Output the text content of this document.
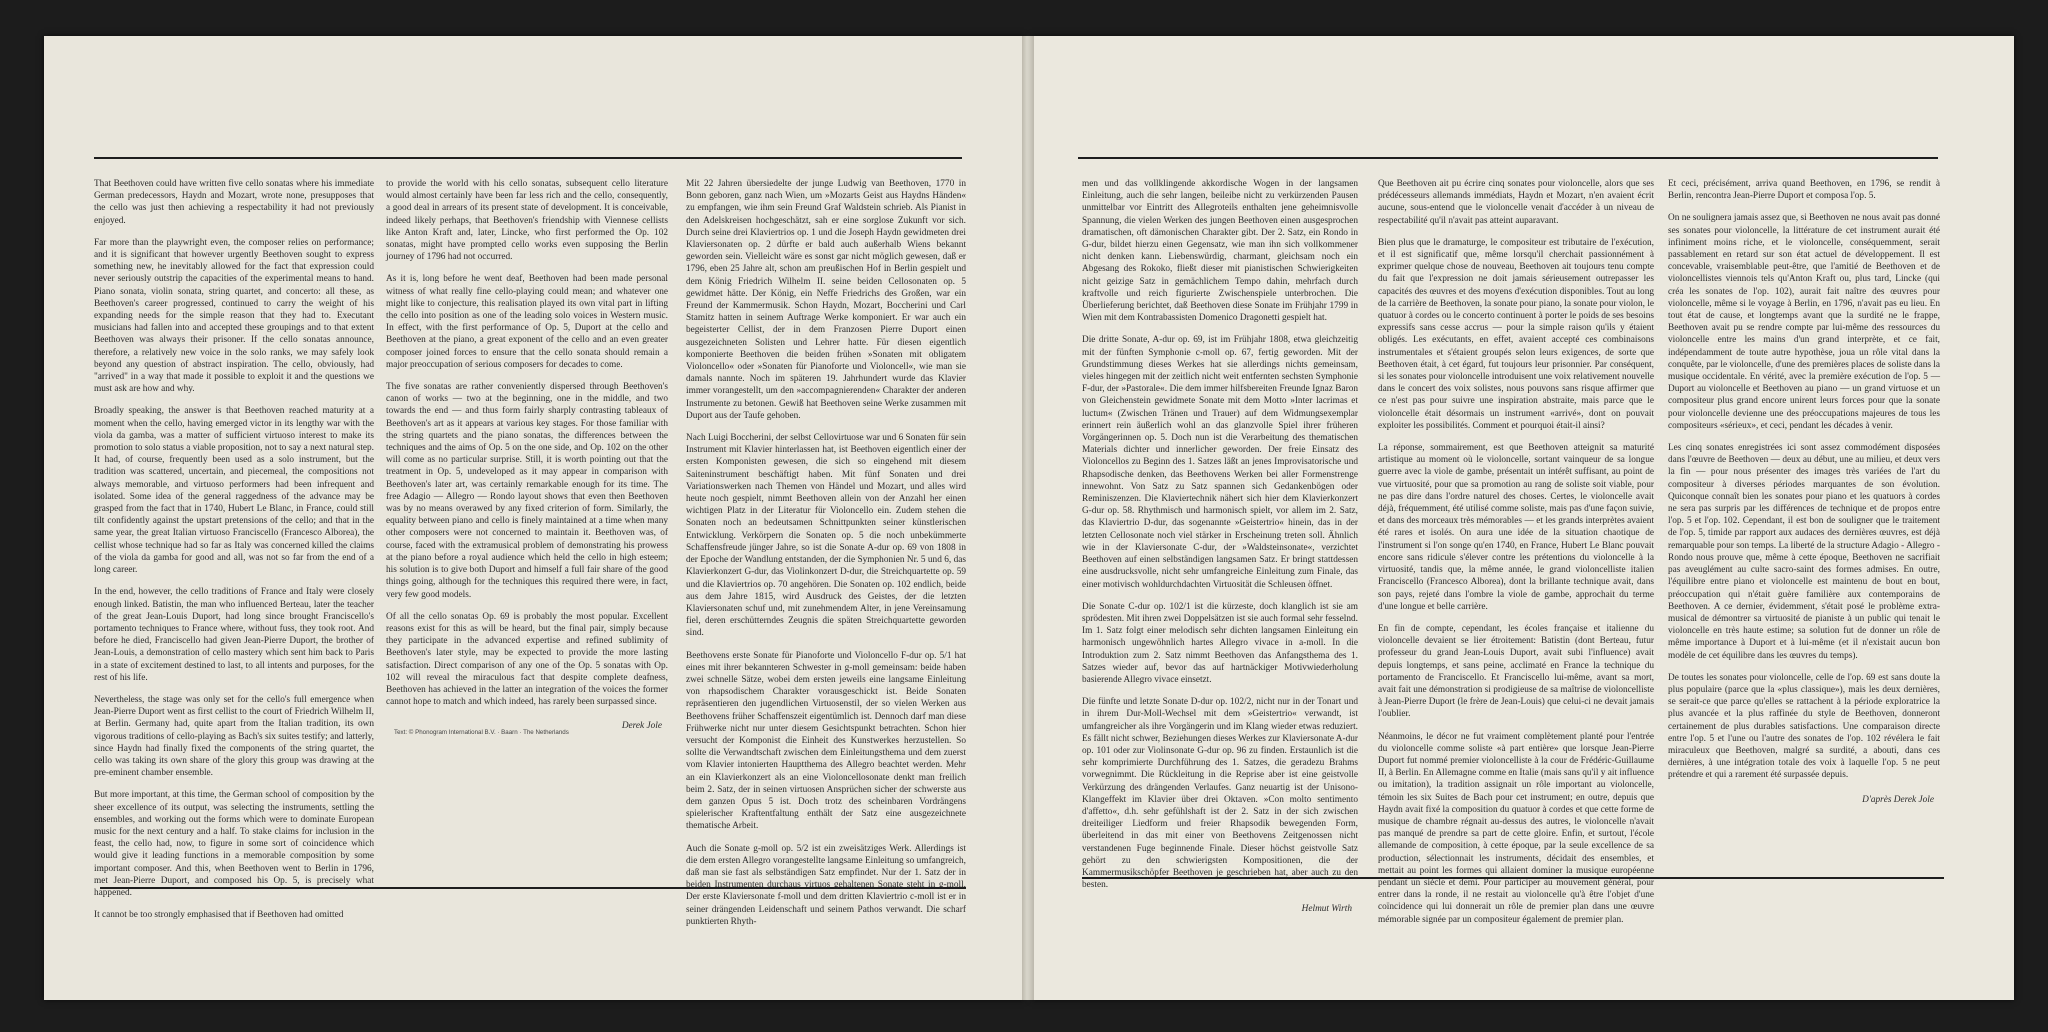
That Beethoven could have written five cello sonatas where his immediate German predecessors, Haydn and Mozart, wrote none, presupposes that the cello was just then achieving a respectability it had not previously enjoyed.

Far more than the playwright even, the composer relies on performance; and it is significant that however urgently Beethoven sought to express something new, he inevitably allowed for the fact that expression could never seriously outstrip the capacities of the experimental means to hand. Piano sonata, violin sonata, string quartet, and concerto: all these, as Beethoven's career progressed, continued to carry the weight of his expanding needs for the simple reason that they had to. Executant musicians had fallen into and accepted these groupings and to that extent Beethoven was always their prisoner. If the cello sonatas announce, therefore, a relatively new voice in the solo ranks, we may safely look beyond any question of abstract inspiration. The cello, obviously, had "arrived" in a way that made it possible to exploit it and the questions we must ask are how and why.

Broadly speaking, the answer is that Beethoven reached maturity at a moment when the cello, having emerged victor in its lengthy war with the viola da gamba, was a matter of sufficient virtuoso interest to make its promotion to solo status a viable proposition, not to say a next natural step. It had, of course, frequently been used as a solo instrument, but the tradition was scattered, uncertain, and piecemeal, the compositions not always memorable, and virtuoso performers had been infrequent and isolated. Some idea of the general raggedness of the advance may be grasped from the fact that in 1740, Hubert Le Blanc, in France, could still tilt confidently against the upstart pretensions of the cello; and that in the same year, the great Italian virtuoso Franciscello (Francesco Alborea), the cellist whose technique had so far as Italy was concerned killed the claims of the viola da gamba for good and all, was not so far from the end of a long career.

In the end, however, the cello traditions of France and Italy were closely enough linked. Batistin, the man who influenced Berteau, later the teacher of the great Jean-Louis Duport, had long since brought Franciscello's portamento techniques to France where, without fuss, they took root. And before he died, Franciscello had given Jean-Pierre Duport, the brother of Jean-Louis, a demonstration of cello mastery which sent him back to Paris in a state of excitement destined to last, to all intents and purposes, for the rest of his life.

Nevertheless, the stage was only set for the cello's full emergence when Jean-Pierre Duport went as first cellist to the court of Friedrich Wilhelm II, at Berlin. Germany had, quite apart from the Italian tradition, its own vigorous traditions of cello-playing as Bach's six suites testify; and latterly, since Haydn had finally fixed the components of the string quartet, the cello was taking its own share of the glory this group was drawing at the pre-eminent chamber ensemble.

But more important, at this time, the German school of composition by the sheer excellence of its output, was selecting the instruments, settling the ensembles, and working out the forms which were to dominate European music for the next century and a half. To stake claims for inclusion in the feast, the cello had, now, to figure in some sort of coincidence which would give it leading functions in a memorable composition by some important composer. And this, when Beethoven went to Berlin in 1796, met Jean-Pierre Duport, and composed his Op. 5, is precisely what happened.

It cannot be too strongly emphasised that if Beethoven had omitted

to provide the world with his cello sonatas, subsequent cello literature would almost certainly have been far less rich and the cello, consequently, a good deal in arrears of its present state of development. It is conceivable, indeed likely perhaps, that Beethoven's friendship with Viennese cellists like Anton Kraft and, later, Lincke, who first performed the Op. 102 sonatas, might have prompted cello works even supposing the Berlin journey of 1796 had not occurred.

As it is, long before he went deaf, Beethoven had been made personal witness of what really fine cello-playing could mean; and whatever one might like to conjecture, this realisation played its own vital part in lifting the cello into position as one of the leading solo voices in Western music. In effect, with the first performance of Op. 5, Duport at the cello and Beethoven at the piano, a great exponent of the cello and an even greater composer joined forces to ensure that the cello sonata should remain a major preoccupation of serious composers for decades to come.

The five sonatas are rather conveniently dispersed through Beethoven's canon of works — two at the beginning, one in the middle, and two towards the end — and thus form fairly sharply contrasting tableaux of Beethoven's art as it appears at various key stages. For those familiar with the string quartets and the piano sonatas, the differences between the techniques and the aims of Op. 5 on the one side, and Op. 102 on the other will come as no particular surprise. Still, it is worth pointing out that the treatment in Op. 5, undeveloped as it may appear in comparison with Beethoven's later art, was certainly remarkable enough for its time. The free Adagio — Allegro — Rondo layout shows that even then Beethoven was by no means overawed by any fixed criterion of form. Similarly, the equality between piano and cello is finely maintained at a time when many other composers were not concerned to maintain it. Beethoven was, of course, faced with the extramusical problem of demonstrating his prowess at the piano before a royal audience which held the cello in high esteem; his solution is to give both Duport and himself a full fair share of the good things going, although for the techniques this required there were, in fact, very few good models.

Of all the cello sonatas Op. 69 is probably the most popular. Excellent reasons exist for this as will be heard, but the final pair, simply because they participate in the advanced expertise and refined sublimity of Beethoven's later style, may be expected to provide the more lasting satisfaction. Direct comparison of any one of the Op. 5 sonatas with Op. 102 will reveal the miraculous fact that despite complete deafness, Beethoven has achieved in the latter an integration of the voices the former cannot hope to match and which indeed, has rarely been surpassed since.

Derek Jole
Text: © Phonogram International B.V. · Baarn · The Netherlands

Mit 22 Jahren übersiedelte der junge Ludwig van Beethoven, 1770 in Bonn geboren, ganz nach Wien, um »Mozarts Geist aus Haydns Händen« zu empfangen, wie ihm sein Freund Graf Waldstein schrieb. Als Pianist in den Adelskreisen hochgeschätzt, sah er eine sorglose Zukunft vor sich. Durch seine drei Klaviertrios op. 1 und die Joseph Haydn gewidmeten drei Klaviersonaten op. 2 dürfte er bald auch außerhalb Wiens bekannt geworden sein. Vielleicht wäre es sonst gar nicht möglich gewesen, daß er 1796, eben 25 Jahre alt, schon am preußischen Hof in Berlin gespielt und dem König Friedrich Wilhelm II. seine beiden Cellosonaten op. 5 gewidmet hätte. Der König, ein Neffe Friedrichs des Großen, war ein Freund der Kammermusik. Schon Haydn, Mozart, Boccherini und Carl Stamitz hatten in seinem Auftrage Werke komponiert. Er war auch ein begeisterter Cellist, der in dem Franzosen Pierre Duport einen ausgezeichneten Solisten und Lehrer hatte. Für diesen eigentlich komponierte Beethoven die beiden frühen »Sonaten mit obligatem Violoncello« oder »Sonaten für Pianoforte und Violoncell«, wie man sie damals nannte. Noch im späteren 19. Jahrhundert wurde das Klavier immer vorangestellt, um den »accompagnierenden« Charakter der anderen Instrumente zu betonen. Gewiß hat Beethoven seine Werke zusammen mit Duport aus der Taufe gehoben.

Nach Luigi Boccherini, der selbst Cellovirtuose war und 6 Sonaten für sein Instrument mit Klavier hinterlassen hat, ist Beethoven eigentlich einer der ersten Komponisten gewesen, die sich so eingehend mit diesem Saiteninstrument beschäftigt haben. Mit fünf Sonaten und drei Variationswerken nach Themen von Händel und Mozart, und alles wird heute noch gespielt, nimmt Beethoven allein von der Anzahl her einen wichtigen Platz in der Literatur für Violoncello ein. Zudem stehen die Sonaten noch an bedeutsamen Schnittpunkten seiner künstlerischen Entwicklung. Verkörpern die Sonaten op. 5 die noch unbekümmerte Schaffensfreude jünger Jahre, so ist die Sonate A-dur op. 69 von 1808 in der Epoche der Wandlung entstanden, der die Symphonien Nr. 5 und 6, das Klavierkonzert G-dur, das Violinkonzert D-dur, die Streichquartette op. 59 und die Klaviertrios op. 70 angehören. Die Sonaten op. 102 endlich, beide aus dem Jahre 1815, wird Ausdruck des Geistes, der die letzten Klaviersonaten schuf und, mit zunehmendem Alter, in jene Vereinsamung fiel, deren erschütterndes Zeugnis die späten Streichquartette geworden sind.

Beethovens erste Sonate für Pianoforte und Violoncello F-dur op. 5/1 hat eines mit ihrer bekannteren Schwester in g-moll gemeinsam: beide haben zwei schnelle Sätze, wobei dem ersten jeweils eine langsame Einleitung von rhapsodischem Charakter vorausgeschickt ist. Beide Sonaten repräsentieren den jugendlichen Virtuosenstil, der so vielen Werken aus Beethovens früher Schaffenszeit eigentümlich ist. Dennoch darf man diese Frühwerke nicht nur unter diesem Gesichtspunkt betrachten. Schon hier versucht der Komponist die Einheit des Kunstwerkes herzustellen. So sollte die Verwandtschaft zwischen dem Einleitungsthema und dem zuerst vom Klavier intonierten Hauptthema des Allegro beachtet werden. Mehr an ein Klavierkonzert als an eine Violoncellosonate denkt man freilich beim 2. Satz, der in seinen virtuosen Ansprüchen sicher der schwerste aus dem ganzen Opus 5 ist. Doch trotz des scheinbaren Vordrängens spielerischer Kraftentfaltung enthält der Satz eine ausgezeichnete thematische Arbeit.

Auch die Sonate g-moll op. 5/2 ist ein zweisätziges Werk. Allerdings ist die dem ersten Allegro vorangestellte langsame Einleitung so umfangreich, daß man sie fast als selbständigen Satz empfindet. Nur der 1. Satz der in beiden Instrumenten durchaus virtuos gehaltenen Sonate steht in g-moll. Der erste Klaviersonate f-moll und dem dritten Klaviertrio c-moll ist er in seiner drängenden Leidenschaft und seinem Pathos verwandt. Die scharf punktierten Rhyth-

men und das vollklingende akkordische Wogen in der langsamen Einleitung, auch die sehr langen, beileibe nicht zu verkürzenden Pausen unmittelbar vor Eintritt des Allegroteils enthalten jene geheimnisvolle Spannung, die vielen Werken des jungen Beethoven einen ausgesprochen dramatischen, oft dämonischen Charakter gibt. Der 2. Satz, ein Rondo in G-dur, bildet hierzu einen Gegensatz, wie man ihn sich vollkommener nicht denken kann. Liebenswürdig, charmant, gleichsam noch ein Abgesang des Rokoko, fließt dieser mit pianistischen Schwierigkeiten nicht geizige Satz in gemächlichem Tempo dahin, mehrfach durch kraftvolle und reich figurierte Zwischenspiele unterbrochen. Die Überlieferung berichtet, daß Beethoven diese Sonate im Frühjahr 1799 in Wien mit dem Kontrabassisten Domenico Dragonetti gespielt hat.

Die dritte Sonate, A-dur op. 69, ist im Frühjahr 1808, etwa gleichzeitig mit der fünften Symphonie c-moll op. 67, fertig geworden. Mit der Grundstimmung dieses Werkes hat sie allerdings nichts gemeinsam, vieles hingegen mit der zeitlich nicht weit entfernten sechsten Symphonie F-dur, der »Pastorale«. Die dem immer hilfsbereiten Freunde Ignaz Baron von Gleichenstein gewidmete Sonate mit dem Motto »Inter lacrimas et luctum« (Zwischen Tränen und Trauer) auf dem Widmungsexemplar erinnert rein äußerlich wohl an das glanzvolle Spiel ihrer früheren Vorgängerinnen op. 5. Doch nun ist die Verarbeitung des thematischen Materials dichter und innerlicher geworden. Der freie Einsatz des Violoncellos zu Beginn des 1. Satzes läßt an jenes Improvisatorische und Rhapsodische denken, das Beethovens Werken bei aller Formenstrenge innewohnt. Von Satz zu Satz spannen sich Gedankenbögen oder Reminiszenzen. Die Klaviertechnik nähert sich hier dem Klavierkonzert G-dur op. 58. Rhythmisch und harmonisch spielt, vor allem im 2. Satz, das Klaviertrio D-dur, das sogenannte »Geistertrio« hinein, das in der letzten Cellosonate noch viel stärker in Erscheinung treten soll. Ähnlich wie in der Klaviersonate C-dur, der »Waldsteinsonate«, verzichtet Beethoven auf einen selbständigen langsamen Satz. Er bringt stattdessen eine ausdrucksvolle, nicht sehr umfangreiche Einleitung zum Finale, das einer motivisch wohldurchdachten Virtuosität die Schleusen öffnet.

Die Sonate C-dur op. 102/1 ist die kürzeste, doch klanglich ist sie am sprödesten. Mit ihren zwei Doppelsätzen ist sie auch formal sehr fesselnd. Im 1. Satz folgt einer melodisch sehr dichten langsamen Einleitung ein harmonisch ungewöhnlich hartes Allegro vivace in a-moll. In die Introduktion zum 2. Satz nimmt Beethoven das Anfangsthema des 1. Satzes wieder auf, bevor das auf hartnäckiger Motivwiederholung basierende Allegro vivace einsetzt.

Die fünfte und letzte Sonate D-dur op. 102/2, nicht nur in der Tonart und in ihrem Dur-Moll-Wechsel mit dem »Geistertrio« verwandt, ist umfangreicher als ihre Vorgängerin und im Klang wieder etwas reduziert. Es fällt nicht schwer, Beziehungen dieses Werkes zur Klaviersonate A-dur op. 101 oder zur Violinsonate G-dur op. 96 zu finden. Erstaunlich ist die sehr komprimierte Durchführung des 1. Satzes, die geradezu Brahms vorwegnimmt. Die Rückleitung in die Reprise aber ist eine geistvolle Verkürzung des drängenden Verlaufes. Ganz neuartig ist der Unisono-Klangeffekt im Klavier über drei Oktaven. »Con molto sentimento d'affetto«, d.h. sehr gefühlshaft ist der 2. Satz in der sich zwischen dreiteiliger Liedform und freier Rhapsodik bewegenden Form, überleitend in das mit einer von Beethovens Zeitgenossen nicht verstandenen Fuge beginnende Finale. Dieser höchst geistvolle Satz gehört zu den schwierigsten Kompositionen, die der Kammermusikschöpfer Beethoven je geschrieben hat, aber auch zu den besten.

Helmut Wirth

Que Beethoven ait pu écrire cinq sonates pour violoncelle, alors que ses prédécesseurs allemands immédiats, Haydn et Mozart, n'en avaient écrit aucune, sous-entend que le violoncelle venait d'accéder à un niveau de respectabilité qu'il n'avait pas atteint auparavant.

Bien plus que le dramaturge, le compositeur est tributaire de l'exécution, et il est significatif que, même lorsqu'il cherchait passionnément à exprimer quelque chose de nouveau, Beethoven ait toujours tenu compte du fait que l'expression ne doit jamais sérieusement outrepasser les capacités des œuvres et des moyens d'exécution disponibles. Tout au long de la carrière de Beethoven, la sonate pour piano, la sonate pour violon, le quatuor à cordes ou le concerto continuent à porter le poids de ses besoins expressifs sans cesse accrus — pour la simple raison qu'ils y étaient obligés. Les exécutants, en effet, avaient accepté ces combinaisons instrumentales et s'étaient groupés selon leurs exigences, de sorte que Beethoven était, à cet égard, fut toujours leur prisonnier. Par conséquent, si les sonates pour violoncelle introduisent une voix relativement nouvelle dans le concert des voix solistes, nous pouvons sans risque affirmer que ce n'est pas pour suivre une inspiration abstraite, mais parce que le violoncelle était désormais un instrument «arrivé», dont on pouvait exploiter les possibilités. Comment et pourquoi était-il ainsi?

La réponse, sommairement, est que Beethoven atteignit sa maturité artistique au moment où le violoncelle, sortant vainqueur de sa longue guerre avec la viole de gambe, présentait un intérêt suffisant, au point de vue virtuosité, pour que sa promotion au rang de soliste soit viable, pour ne pas dire dans l'ordre naturel des choses. Certes, le violoncelle avait déjà, fréquemment, été utilisé comme soliste, mais pas d'une façon suivie, et dans des morceaux très mémorables — et les grands interprètes avaient été rares et isolés. On aura une idée de la situation chaotique de l'instrument si l'on songe qu'en 1740, en France, Hubert Le Blanc pouvait encore sans ridicule s'élever contre les prétentions du violoncelle à la virtuosité, tandis que, la même année, le grand violoncelliste italien Franciscello (Francesco Alborea), dont la brillante technique avait, dans son pays, rejeté dans l'ombre la viole de gambe, approchait du terme d'une longue et belle carrière.

En fin de compte, cependant, les écoles française et italienne du violoncelle devaient se lier étroitement: Batistin (dont Berteau, futur professeur du grand Jean-Louis Duport, avait subi l'influence) avait depuis longtemps, et sans peine, acclimaté en France la technique du portamento de Franciscello. Et Franciscello lui-même, avant sa mort, avait fait une démonstration si prodigieuse de sa maîtrise de violoncelliste à Jean-Pierre Duport (le frère de Jean-Louis) que celui-ci ne devait jamais l'oublier.

Néanmoins, le décor ne fut vraiment complètement planté pour l'entrée du violoncelle comme soliste «à part entière» que lorsque Jean-Pierre Duport fut nommé premier violoncelliste à la cour de Frédéric-Guillaume II, à Berlin. En Allemagne comme en Italie (mais sans qu'il y ait influence ou imitation), la tradition assignait un rôle important au violoncelle, témoin les six Suites de Bach pour cet instrument; en outre, depuis que Haydn avait fixé la composition du quatuor à cordes et que cette forme de musique de chambre régnait au-dessus des autres, le violoncelle n'avait pas manqué de prendre sa part de cette gloire. Enfin, et surtout, l'école allemande de composition, à cette époque, par la seule excellence de sa production, sélectionnait les instruments, décidait des ensembles, et mettait au point les formes qui allaient dominer la musique européenne pendant un siècle et demi. Pour participer au mouvement général, pour entrer dans la ronde, il ne restait au violoncelle qu'à être l'objet d'une coïncidence qui lui donnerait un rôle de premier plan dans une œuvre mémorable signée par un compositeur également de premier plan.

Et ceci, précisément, arriva quand Beethoven, en 1796, se rendit à Berlin, rencontra Jean-Pierre Duport et composa l'op. 5.

On ne soulignera jamais assez que, si Beethoven ne nous avait pas donné ses sonates pour violoncelle, la littérature de cet instrument aurait été infiniment moins riche, et le violoncelle, conséquemment, serait passablement en retard sur son état actuel de développement. Il est concevable, vraisemblable peut-être, que l'amitié de Beethoven et de violoncellistes viennois tels qu'Anton Kraft ou, plus tard, Lincke (qui créa les sonates de l'op. 102), aurait fait naître des œuvres pour violoncelle, même si le voyage à Berlin, en 1796, n'avait pas eu lieu. En tout état de cause, et longtemps avant que la surdité ne le frappe, Beethoven avait pu se rendre compte par lui-même des ressources du violoncelle entre les mains d'un grand interprète, et ce fait, indépendamment de toute autre hypothèse, joua un rôle vital dans la conquête, par le violoncelle, d'une des premières places de soliste dans la musique occidentale. En vérité, avec la première exécution de l'op. 5 — Duport au violoncelle et Beethoven au piano — un grand virtuose et un compositeur plus grand encore unirent leurs forces pour que la sonate pour violoncelle devienne une des préoccupations majeures de tous les compositeurs «sérieux», et ceci, pendant les décades à venir.

Les cinq sonates enregistrées ici sont assez commodément disposées dans l'œuvre de Beethoven — deux au début, une au milieu, et deux vers la fin — pour nous présenter des images très variées de l'art du compositeur à diverses périodes marquantes de son évolution. Quiconque connaît bien les sonates pour piano et les quatuors à cordes ne sera pas surpris par les différences de technique et de propos entre l'op. 5 et l'op. 102. Cependant, il est bon de souligner que le traitement de l'op. 5, timide par rapport aux audaces des dernières œuvres, est déjà remarquable pour son temps. La liberté de la structure Adagio - Allegro - Rondo nous prouve que, même à cette époque, Beethoven ne sacrifiait pas aveuglément au culte sacro-saint des formes admises. En outre, l'équilibre entre piano et violoncelle est maintenu de bout en bout, préoccupation qui n'était guère familière aux contemporains de Beethoven. A ce dernier, évidemment, s'était posé le problème extra-musical de démontrer sa virtuosité de pianiste à un public qui tenait le violoncelle en très haute estime; sa solution fut de donner un rôle de même importance à Duport et à lui-même (et il n'existait aucun bon modèle de cet équilibre dans les œuvres du temps).

De toutes les sonates pour violoncelle, celle de l'op. 69 est sans doute la plus populaire (parce que la «plus classique»), mais les deux dernières, se serait-ce que parce qu'elles se rattachent à la période exploratrice la plus avancée et la plus raffinée du style de Beethoven, donneront certainement de plus durables satisfactions. Une comparaison directe entre l'op. 5 et l'une ou l'autre des sonates de l'op. 102 révélera le fait miraculeux que Beethoven, malgré sa surdité, a abouti, dans ces dernières, à une intégration totale des voix à laquelle l'op. 5 ne peut prétendre et qui a rarement été surpassée depuis.

D'après Derek Jole
